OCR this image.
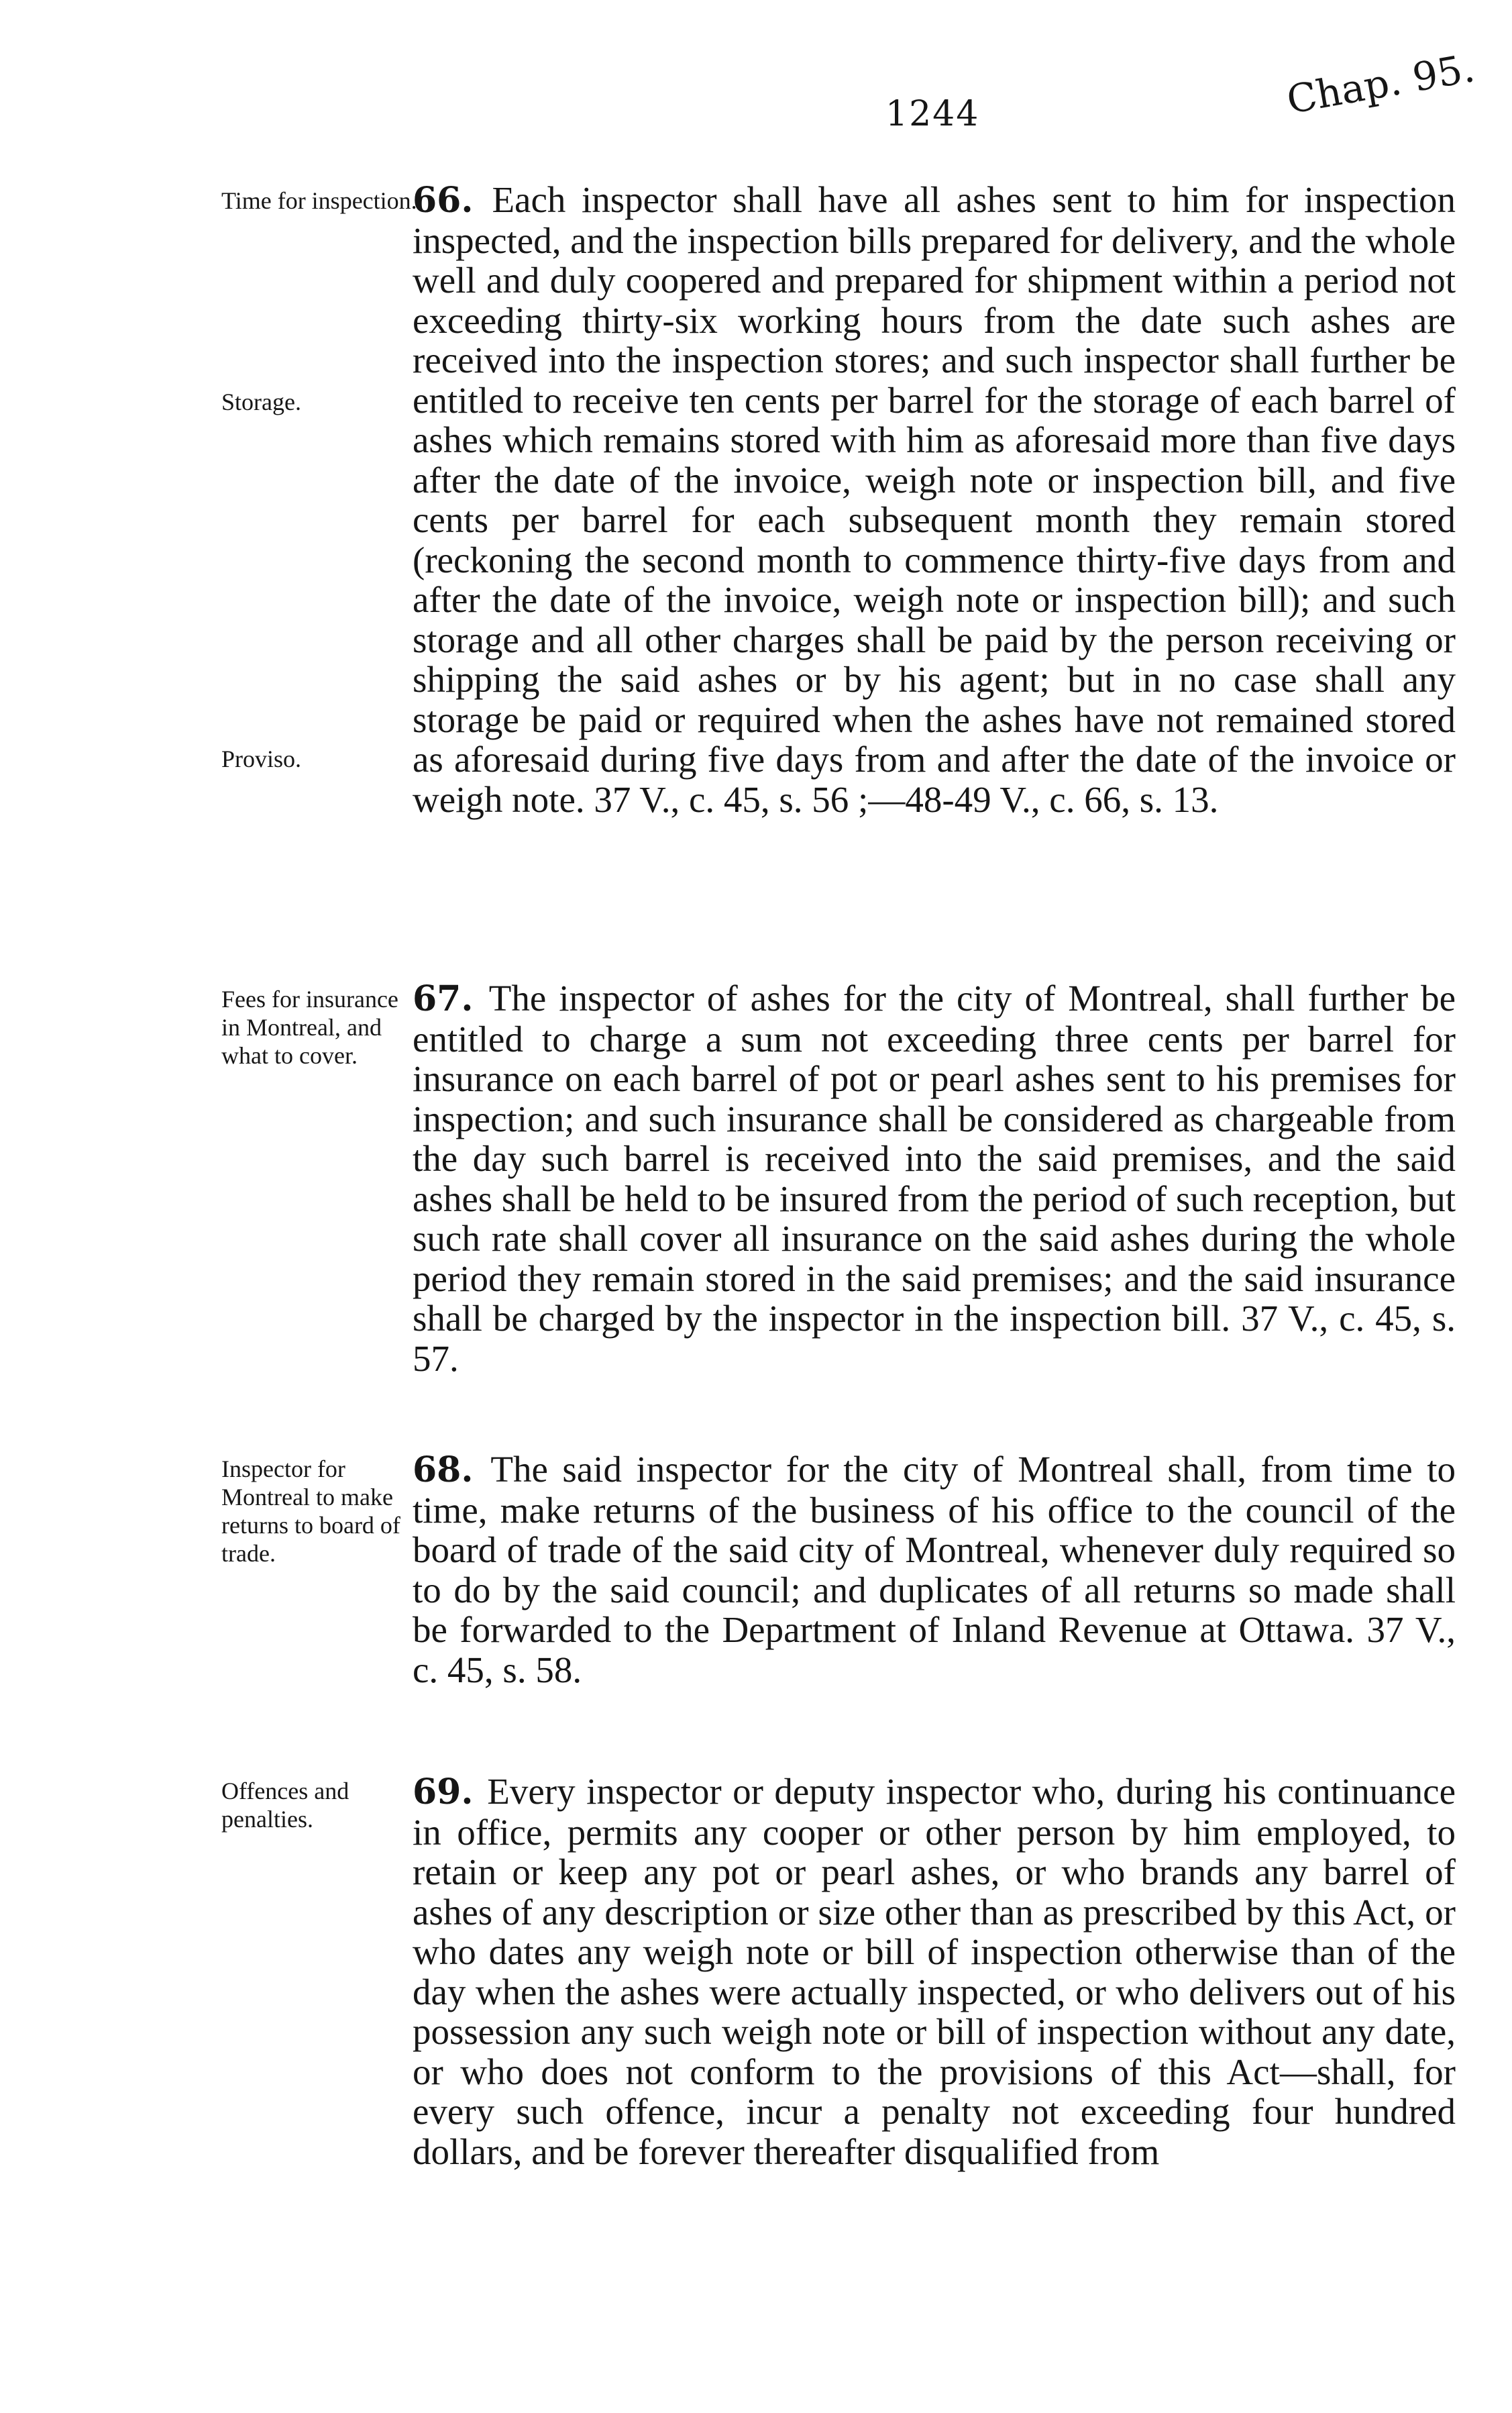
1244	Chap. 95.
Time for inspection.
Storage.
Proviso.
66. Each inspector shall have all ashes sent to him for inspection inspected, and the inspection bills prepared for delivery, and the whole well and duly coopered and prepared for shipment within a period not exceeding thirty-six working hours from the date such ashes are received into the inspection stores; and such inspector shall further be entitled to receive ten cents per barrel for the storage of each barrel of ashes which remains stored with him as aforesaid more than five days after the date of the invoice, weigh note or inspection bill, and five cents per barrel for each subsequent month they remain stored (reckoning the second month to commence thirty-five days from and after the date of the invoice, weigh note or inspection bill); and such storage and all other charges shall be paid by the person receiving or shipping the said ashes or by his agent; but in no case shall any storage be paid or required when the ashes have not remained stored as aforesaid during five days from and after the date of the invoice or weigh note. 37 V., c. 45, s. 56 ;—48-49 V., c. 66, s. 13.
Fees for insurance in Montreal, and what to cover.
67. The inspector of ashes for the city of Montreal, shall further be entitled to charge a sum not exceeding three cents per barrel for insurance on each barrel of pot or pearl ashes sent to his premises for inspection; and such insurance shall be considered as chargeable from the day such barrel is received into the said premises, and the said ashes shall be held to be insured from the period of such reception, but such rate shall cover all insurance on the said ashes during the whole period they remain stored in the said premises; and the said insurance shall be charged by the inspector in the inspection bill. 37 V., c. 45, s. 57.
Inspector for Montreal to make returns to board of trade.
68. The said inspector for the city of Montreal shall, from time to time, make returns of the business of his office to the council of the board of trade of the said city of Montreal, whenever duly required so to do by the said council; and duplicates of all returns so made shall be forwarded to the Department of Inland Revenue at Ottawa. 37 V., c. 45, s. 58.
Offences and penalties.
69. Every inspector or deputy inspector who, during his continuance in office, permits any cooper or other person by him employed, to retain or keep any pot or pearl ashes, or who brands any barrel of ashes of any description or size other than as prescribed by this Act, or who dates any weigh note or bill of inspection otherwise than of the day when the ashes were actually inspected, or who delivers out of his possession any such weigh note or bill of inspection without any date, or who does not conform to the provisions of this Act—shall, for every such offence, incur a penalty not exceeding four hundred dollars, and be forever thereafter disqualified from
